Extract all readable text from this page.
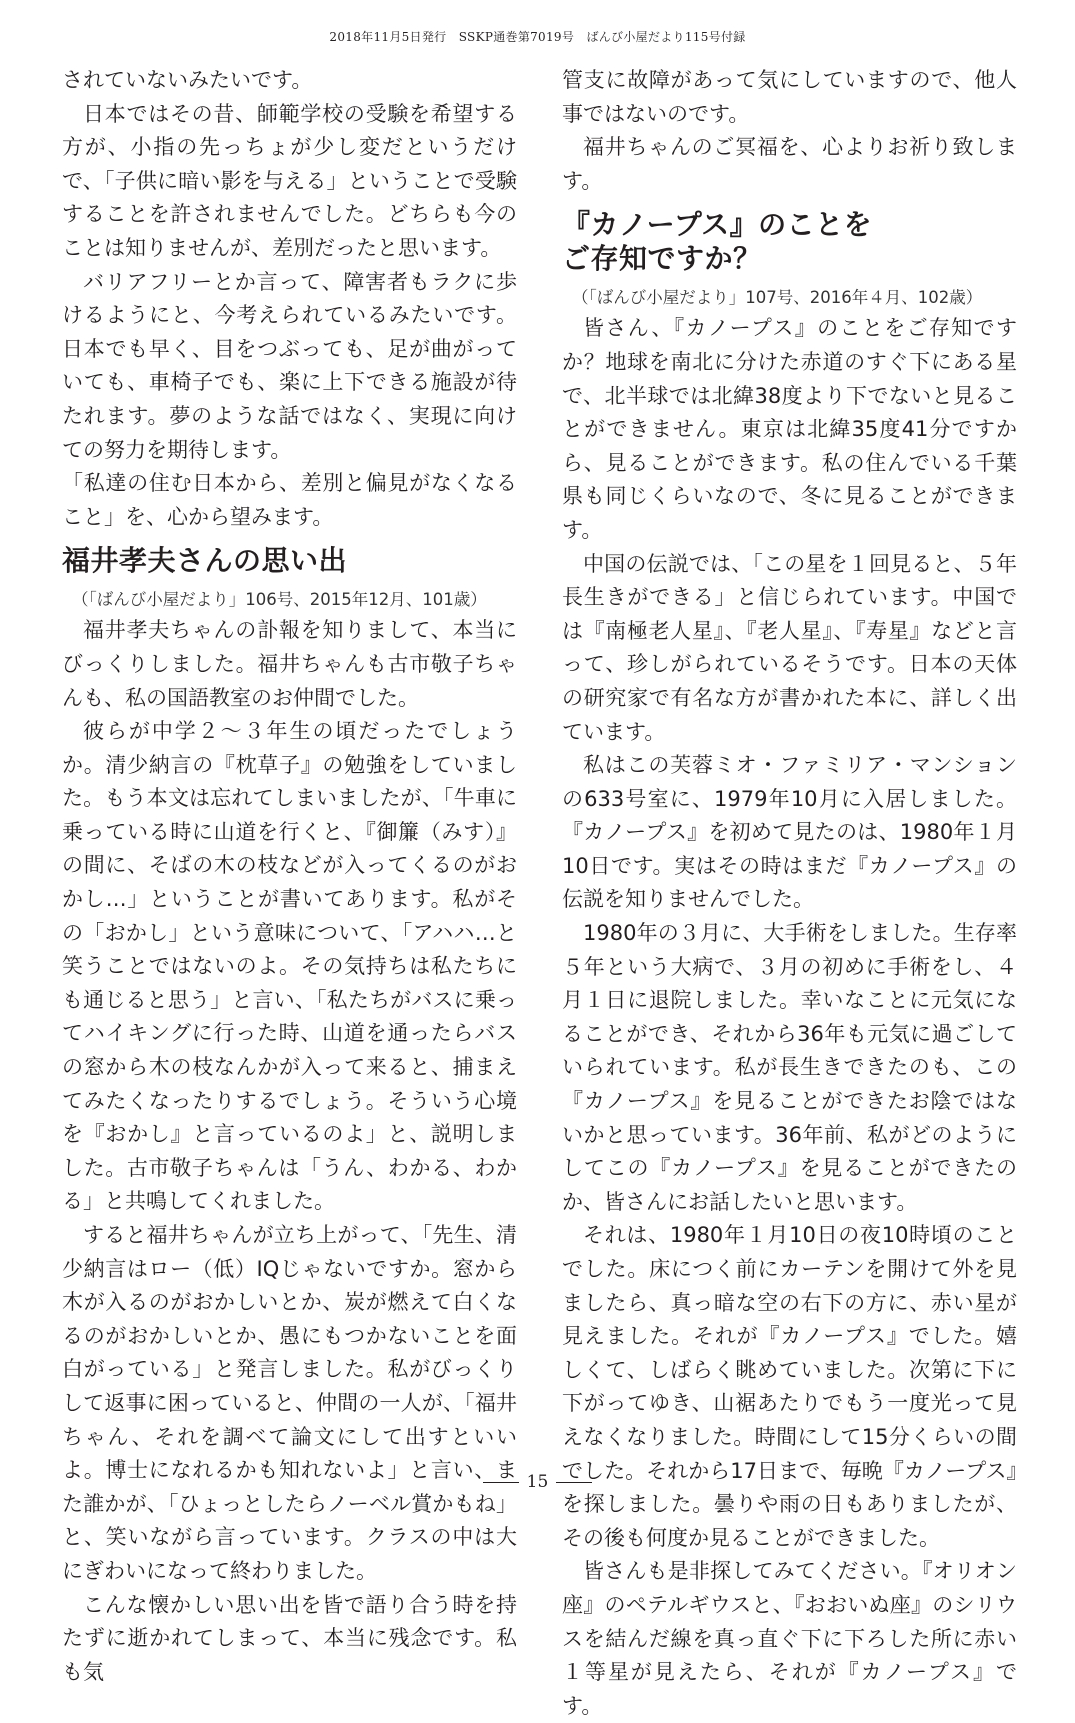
2018年11月5日発行　SSKP通巻第7019号　ばんび小屋だより115号付録

されていないみたいです。

日本ではその昔、師範学校の受験を希望する方が、小指の先っちょが少し変だというだけで、「子供に暗い影を与える」ということで受験することを許されませんでした。どちらも今のことは知りませんが、差別だったと思います。

バリアフリーとか言って、障害者もラクに歩けるようにと、今考えられているみたいです。日本でも早く、目をつぶっても、足が曲がっていても、車椅子でも、楽に上下できる施設が待たれます。夢のような話ではなく、実現に向けての努力を期待します。

「私達の住む日本から、差別と偏見がなくなること」を、心から望みます。

福井孝夫さんの思い出

（「ばんび小屋だより」106号、2015年12月、101歳）

福井孝夫ちゃんの訃報を知りまして、本当にびっくりしました。福井ちゃんも古市敬子ちゃんも、私の国語教室のお仲間でした。

彼らが中学２～３年生の頃だったでしょうか。清少納言の『枕草子』の勉強をしていました。もう本文は忘れてしまいましたが、「牛車に乗っている時に山道を行くと、『御簾（みす）』の間に、そばの木の枝などが入ってくるのがおかし…」ということが書いてあります。私がその「おかし」という意味について、「アハハ…と笑うことではないのよ。その気持ちは私たちにも通じると思う」と言い、「私たちがバスに乗ってハイキングに行った時、山道を通ったらバスの窓から木の枝なんかが入って来ると、捕まえてみたくなったりするでしょう。そういう心境を『おかし』と言っているのよ」と、説明しました。古市敬子ちゃんは「うん、わかる、わかる」と共鳴してくれました。

すると福井ちゃんが立ち上がって、「先生、清少納言はロー（低）IQじゃないですか。窓から木が入るのがおかしいとか、炭が燃えて白くなるのがおかしいとか、愚にもつかないことを面白がっている」と発言しました。私がびっくりして返事に困っていると、仲間の一人が、「福井ちゃん、それを調べて論文にして出すといいよ。博士になれるかも知れないよ」と言い、また誰かが、「ひょっとしたらノーベル賞かもね」と、笑いながら言っています。クラスの中は大にぎわいになって終わりました。

こんな懐かしい思い出を皆で語り合う時を持たずに逝かれてしまって、本当に残念です。私も気

管支に故障があって気にしていますので、他人事ではないのです。

福井ちゃんのご冥福を、心よりお祈り致します。

『カノープス』のことを
ご存知ですか？

（「ばんび小屋だより」107号、2016年４月、102歳）

皆さん、『カノープス』のことをご存知ですか？地球を南北に分けた赤道のすぐ下にある星で、北半球では北緯38度より下でないと見ることができません。東京は北緯35度41分ですから、見ることができます。私の住んでいる千葉県も同じくらいなので、冬に見ることができます。

中国の伝説では、「この星を１回見ると、５年長生きができる」と信じられています。中国では『南極老人星』、『老人星』、『寿星』などと言って、珍しがられているそうです。日本の天体の研究家で有名な方が書かれた本に、詳しく出ています。

私はこの芙蓉ミオ・ファミリア・マンションの633号室に、1979年10月に入居しました。『カノープス』を初めて見たのは、1980年１月10日です。実はその時はまだ『カノープス』の伝説を知りませんでした。

1980年の３月に、大手術をしました。生存率５年という大病で、３月の初めに手術をし、４月１日に退院しました。幸いなことに元気になることができ、それから36年も元気に過ごしていられています。私が長生きできたのも、この『カノープス』を見ることができたお陰ではないかと思っています。36年前、私がどのようにしてこの『カノープス』を見ることができたのか、皆さんにお話したいと思います。

それは、1980年１月10日の夜10時頃のことでした。床につく前にカーテンを開けて外を見ましたら、真っ暗な空の右下の方に、赤い星が見えました。それが『カノープス』でした。嬉しくて、しばらく眺めていました。次第に下に下がってゆき、山裾あたりでもう一度光って見えなくなりました。時間にして15分くらいの間でした。それから17日まで、毎晩『カノープス』を探しました。曇りや雨の日もありましたが、その後も何度か見ることができました。

皆さんも是非探してみてください。『オリオン座』のペテルギウスと、『おおいぬ座』のシリウスを結んだ線を真っ直ぐ下に下ろした所に赤い１等星が見えたら、それが『カノープス』です。

15
